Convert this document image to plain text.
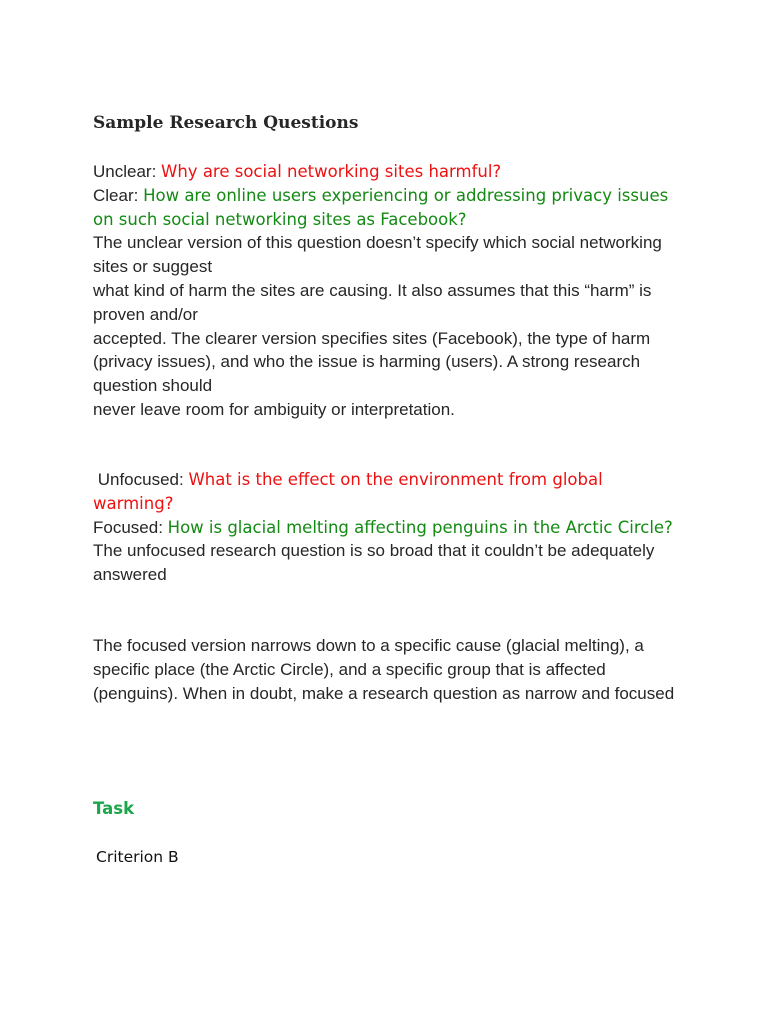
Sample Research Questions
Unclear: Why are social networking sites harmful?
Clear: How are online users experiencing or addressing privacy issues on such social networking sites as Facebook?
The unclear version of this question doesn’t specify which social networking sites or suggest
what kind of harm the sites are causing. It also assumes that this “harm” is proven and/or
accepted. The clearer version specifies sites (Facebook), the type of harm
(privacy issues), and who the issue is harming (users). A strong research question should
never leave room for ambiguity or interpretation.
Unfocused: What is the effect on the environment from global warming?
Focused: How is glacial melting affecting penguins in the Arctic Circle?
The unfocused research question is so broad that it couldn’t be adequately answered
The focused version narrows down to a specific cause (glacial melting), a specific place (the Arctic Circle), and a specific group that is affected (penguins). When in doubt, make a research question as narrow and focused
Task

Criterion B
